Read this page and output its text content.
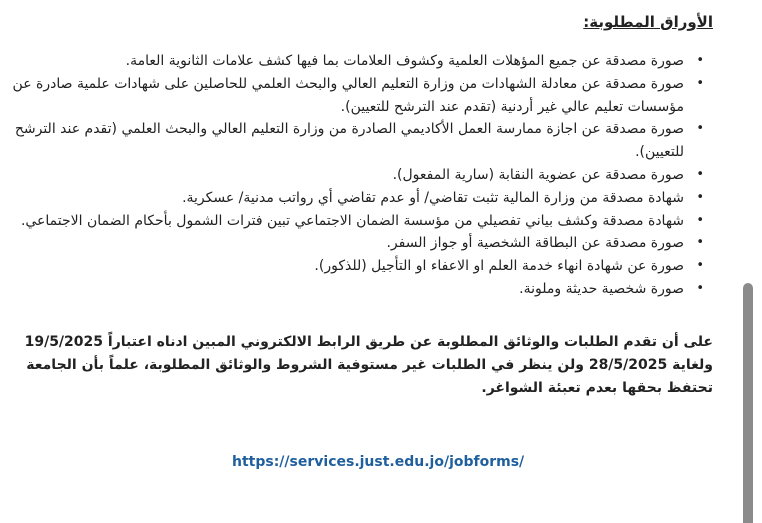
الأوراق المطلوبة:
•
صورة مصدقة عن جميع المؤهلات العلمية وكشوف العلامات بما فيها كشف علامات الثانوية العامة.
•
صورة مصدقة عن معادلة الشهادات من وزارة التعليم العالي والبحث العلمي للحاصلين على شهادات علمية صادرة عن مؤسسات تعليم عالي غير أردنية (تقدم عند الترشح للتعيين).
•
صورة مصدقة عن اجازة ممارسة العمل الأكاديمي الصادرة من وزارة التعليم العالي والبحث العلمي (تقدم عند الترشح للتعيين).
•
صورة مصدقة عن عضوية النقابة (سارية المفعول).
•
شهادة مصدقة من وزارة المالية تثبت تقاضي/ أو عدم تقاضي أي رواتب مدنية/ عسكرية.
•
شهادة مصدقة وكشف بياني تفصيلي من مؤسسة الضمان الاجتماعي تبين فترات الشمول بأحكام الضمان الاجتماعي.
•
صورة مصدقة عن البطاقة الشخصية أو جواز السفر.
•
صورة عن شهادة انهاء خدمة العلم او الاعفاء او التأجيل (للذكور).
•
صورة شخصية حديثة وملونة.

على أن تقدم الطلبات والوثائق المطلوبة عن طريق الرابط الالكتروني المبين ادناه اعتباراً 19/5/2025 ولغاية 28/5/2025 ولن ينظر في الطلبات غير مستوفية الشروط والوثائق المطلوبة، علماً بأن الجامعة تحتفظ بحقها بعدم تعبئة الشواغر.

https://services.just.edu.jo/jobforms/
